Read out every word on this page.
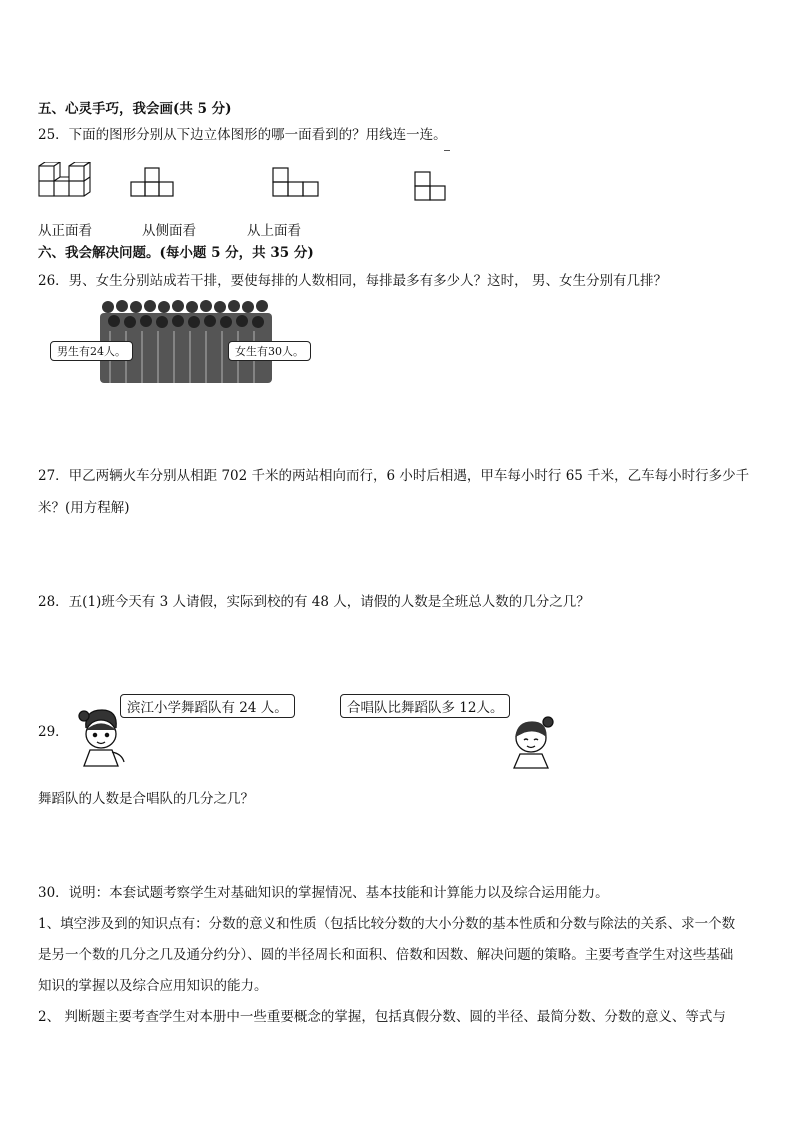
五、心灵手巧，我会画(共 5 分)
25．下面的图形分别从下边立体图形的哪一面看到的？用线连一连。
从正面看	从侧面看	从上面看
六、我会解决问题。(每小题 5 分，共 35 分)
26．男、女生分别站成若干排，要使每排的人数相同，每排最多有多少人？这时， 男、女生分别有几排？
男生有24人。	女生有30人。
27．甲乙两辆火车分别从相距 702 千米的两站相向而行，6 小时后相遇，甲车每小时行 65 千米，乙车每小时行多少千
米？(用方程解)
28．五(1)班今天有 3 人请假，实际到校的有 48 人，请假的人数是全班总人数的几分之几？
滨江小学舞蹈队有 24 人。	合唱队比舞蹈队多 12人。
29．
舞蹈队的人数是合唱队的几分之几？
30．说明：本套试题考察学生对基础知识的掌握情况、基本技能和计算能力以及综合运用能力。
1、填空涉及到的知识点有：分数的意义和性质（包括比较分数的大小分数的基本性质和分数与除法的关系、求一个数
是另一个数的几分之几及通分约分）、圆的半径周长和面积、倍数和因数、解决问题的策略。主要考查学生对这些基础
知识的掌握以及综合应用知识的能力。
2、 判断题主要考查学生对本册中一些重要概念的掌握，包括真假分数、圆的半径、最简分数、分数的意义、等式与
